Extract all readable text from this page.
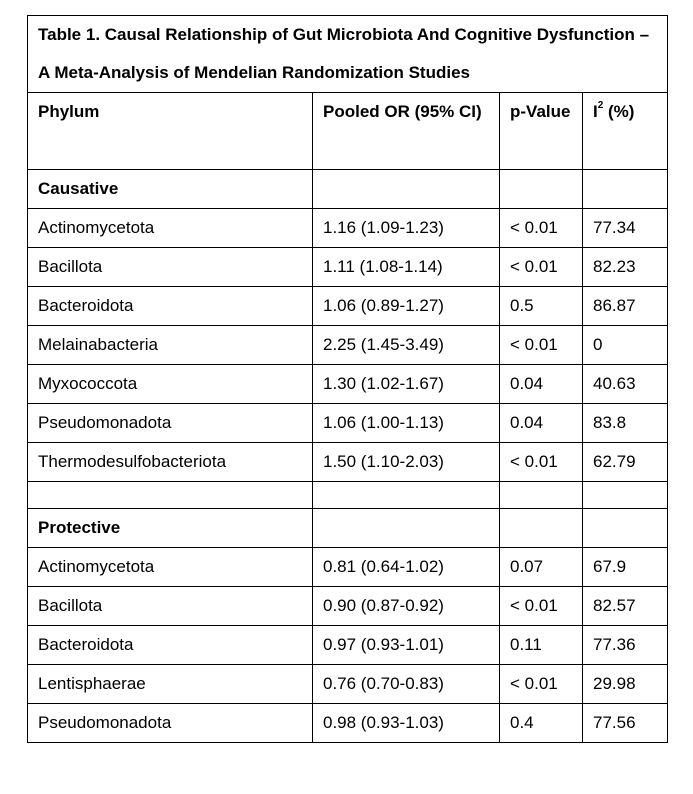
Table 1. Causal Relationship of Gut Microbiota And Cognitive Dysfunction – A Meta-Analysis of Mendelian Randomization Studies			
Phylum	Pooled OR (95% CI)	p-Value	$I^2$ (%)
Causative			
Actinomycetota	1.16 (1.09-1.23)	< 0.01	77.34
Bacillota	1.11 (1.08-1.14)	< 0.01	82.23
Bacteroidota	1.06 (0.89-1.27)	0.5	86.87
Melainabacteria	2.25 (1.45-3.49)	< 0.01	0
Myxococcota	1.30 (1.02-1.67)	0.04	40.63
Pseudomonadota	1.06 (1.00-1.13)	0.04	83.8
Thermodesulfobacteriota	1.50 (1.10-2.03)	< 0.01	62.79

Protective			
Actinomycetota	0.81 (0.64-1.02)	0.07	67.9
Bacillota	0.90 (0.87-0.92)	< 0.01	82.57
Bacteroidota	0.97 (0.93-1.01)	0.11	77.36
Lentisphaerae	0.76 (0.70-0.83)	< 0.01	29.98
Pseudomonadota	0.98 (0.93-1.03)	0.4	77.56
